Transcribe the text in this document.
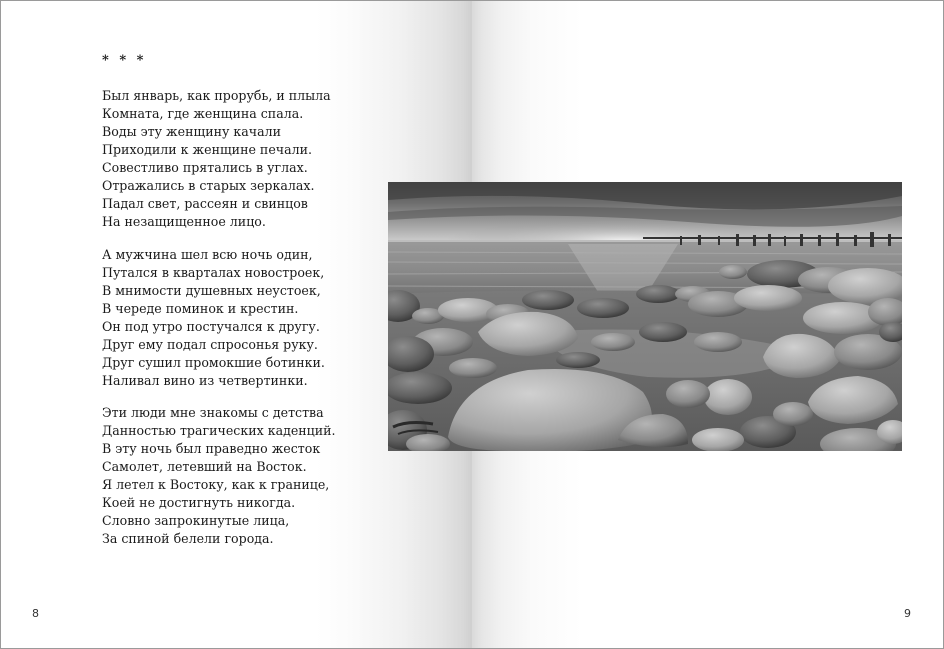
* * *
Был январь, как прорубь, и плыла
Комната, где женщина спала.
Воды эту женщину качали
Приходили к женщине печали.
Совестливо прятались в углах.
Отражались в старых зеркалах.
Падал свет, рассеян и свинцов
На незащищенное лицо.
А мужчина шел всю ночь один,
Путался в кварталах новостроек,
В мнимости душевных неустоек,
В череде поминок и крестин.
Он под утро постучался к другу.
Друг ему подал спросонья руку.
Друг сушил промокшие ботинки.
Наливал вино из четвертинки.
Эти люди мне знакомы с детства
Данностью трагических каденций.
В эту ночь был праведно жесток
Самолет, летевший на Восток.
Я летел к Востоку, как к границе,
Коей не достигнуть никогда.
Словно запрокинутые лица,
За спиной белели города.
8	9
